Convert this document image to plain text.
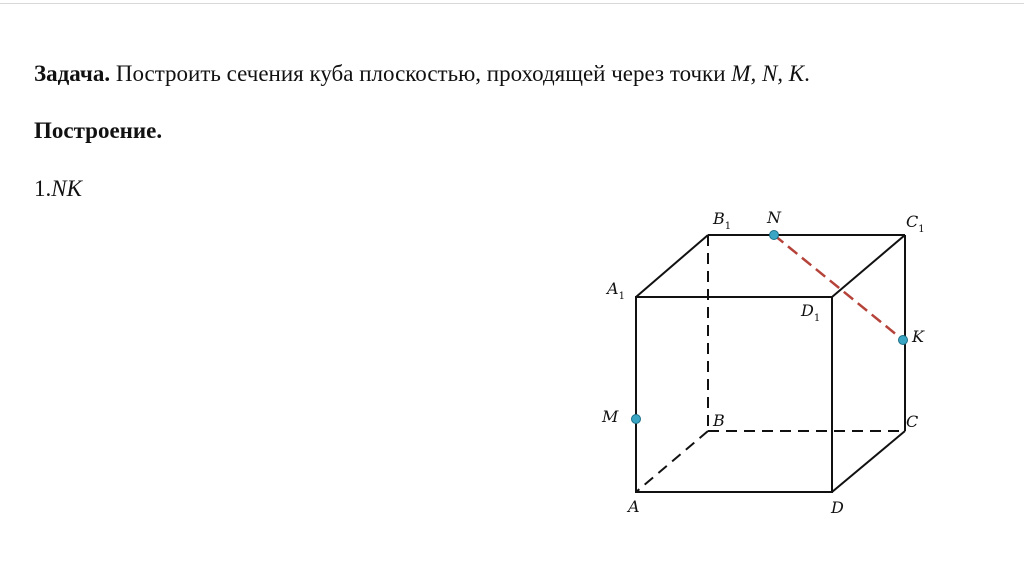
Задача. Построить сечения куба плоскостью, проходящей через точки M, N, K.
Построение.
1.NK
$B_1$	$C_1$
$A_1$
$D_1$
B	C
A	D
N
K
M
